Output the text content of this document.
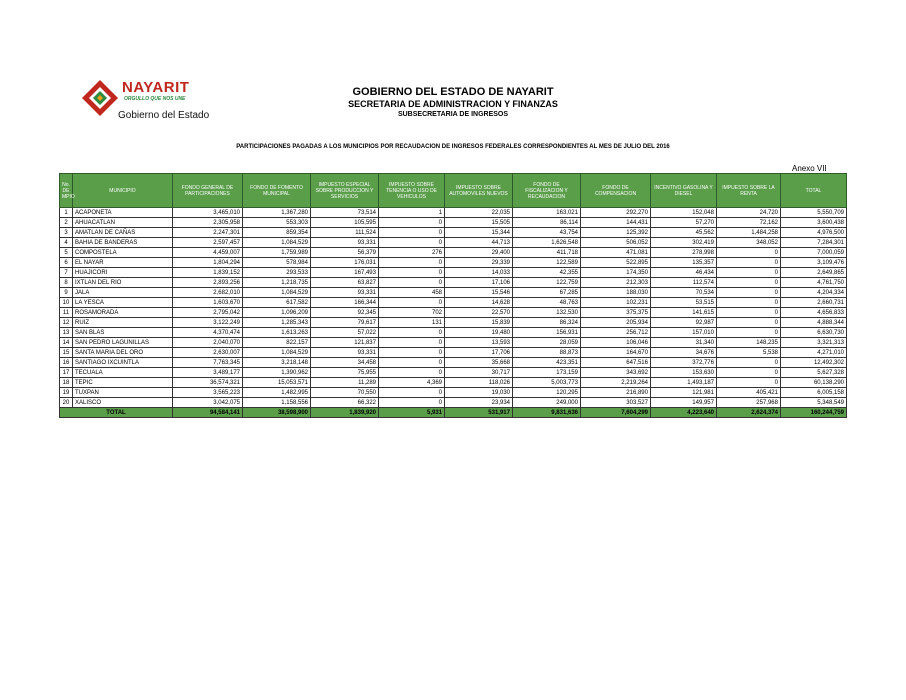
NAYARIT
ORGULLO QUE NOS UNE
Gobierno del Estado
GOBIERNO DEL ESTADO DE NAYARIT
SECRETARIA DE ADMINISTRACION Y FINANZAS
SUBSECRETARIA DE INGRESOS
PARTICIPACIONES PAGADAS A LOS MUNICIPIOS POR RECAUDACION DE INGRESOS FEDERALES CORRESPONDIENTES AL MES DE JULIO DEL 2016
Anexo VII
No. DE MPIO	MUNICIPIO	FONDO GENERAL DE PARTICIPACIONES	FONDO DE FOMENTO MUNICIPAL	IMPUESTO ESPECIAL SOBRE PRODUCCION Y SERVICIOS	IMPUESTO SOBRE TENENCIA O USO DE VEHICULOS	IMPUESTO SOBRE AUTOMOVILES NUEVOS	FONDO DE FISCALIZACION Y RECAUDACION	FONDO DE COMPENSACION	INCENTIVO GASOLINA Y DIESEL	IMPUESTO SOBRE LA RENTA	TOTAL
1	ACAPONETA	3,465,010	1,367,280	73,514	1	22,035	163,021	292,270	152,048	24,720	5,550,709
2	AHUACATLAN	2,305,958	553,303	105,595	0	15,505	86,114	144,431	57,270	72,162	3,600,438
3	AMATLAN DE CAÑAS	2,247,301	859,354	111,524	0	15,344	43,754	125,392	45,562	1,484,258	4,976,500
4	BAHIA DE BANDERAS	2,597,457	1,084,529	93,331	0	44,713	1,626,548	506,052	302,419	348,052	7,284,301
5	COMPOSTELA	4,459,007	1,759,989	56,379	276	29,400	411,718	471,081	278,998	0	7,000,059
6	EL NAYAR	1,804,294	578,984	176,031	0	29,339	122,589	522,895	135,357	0	3,109,476
7	HUAJICORI	1,839,152	293,533	167,493	0	14,033	42,355	174,350	46,434	0	2,649,865
8	IXTLAN DEL RIO	2,893,256	1,218,735	63,827	0	17,106	122,759	212,303	112,574	0	4,761,750
9	JALA	2,682,010	1,084,529	93,331	458	15,546	67,285	188,030	70,534	0	4,204,334
10	LA YESCA	1,603,670	617,582	166,344	0	14,628	48,763	102,231	53,515	0	2,660,731
11	ROSAMORADA	2,795,042	1,096,209	92,345	702	22,570	132,530	375,375	141,615	0	4,656,833
12	RUIZ	3,122,249	1,285,343	79,617	131	15,839	86,324	205,934	92,987	0	4,888,344
13	SAN BLAS	4,370,474	1,613,263	57,022	0	19,480	156,931	256,712	157,010	0	6,630,730
14	SAN PEDRO LAGUNILLAS	2,040,070	822,157	121,837	0	13,593	28,059	106,046	31,340	148,235	3,321,313
15	SANTA MARIA DEL ORO	2,630,007	1,084,529	93,331	0	17,706	88,873	164,670	34,676	5,538	4,271,010
16	SANTIAGO IXCUINTLA	7,763,345	3,218,148	34,458	0	35,668	423,351	647,516	372,776	0	12,492,302
17	TECUALA	3,489,177	1,390,962	75,955	0	30,717	173,159	343,692	153,630	0	5,627,328
18	TEPIC	36,574,321	15,053,571	11,289	4,369	118,026	5,003,773	2,219,264	1,493,187	0	60,138,290
19	TUXPAN	3,565,223	1,482,995	70,550	0	19,030	120,295	216,890	121,981	405,421	6,005,158
20	XALISCO	3,042,075	1,158,556	66,322	0	23,934	249,000	303,527	149,957	257,968	5,348,549
TOTAL		94,584,141	38,598,900	1,839,920	5,931	531,917	9,831,636	7,604,299	4,223,640	2,624,374	160,244,759
